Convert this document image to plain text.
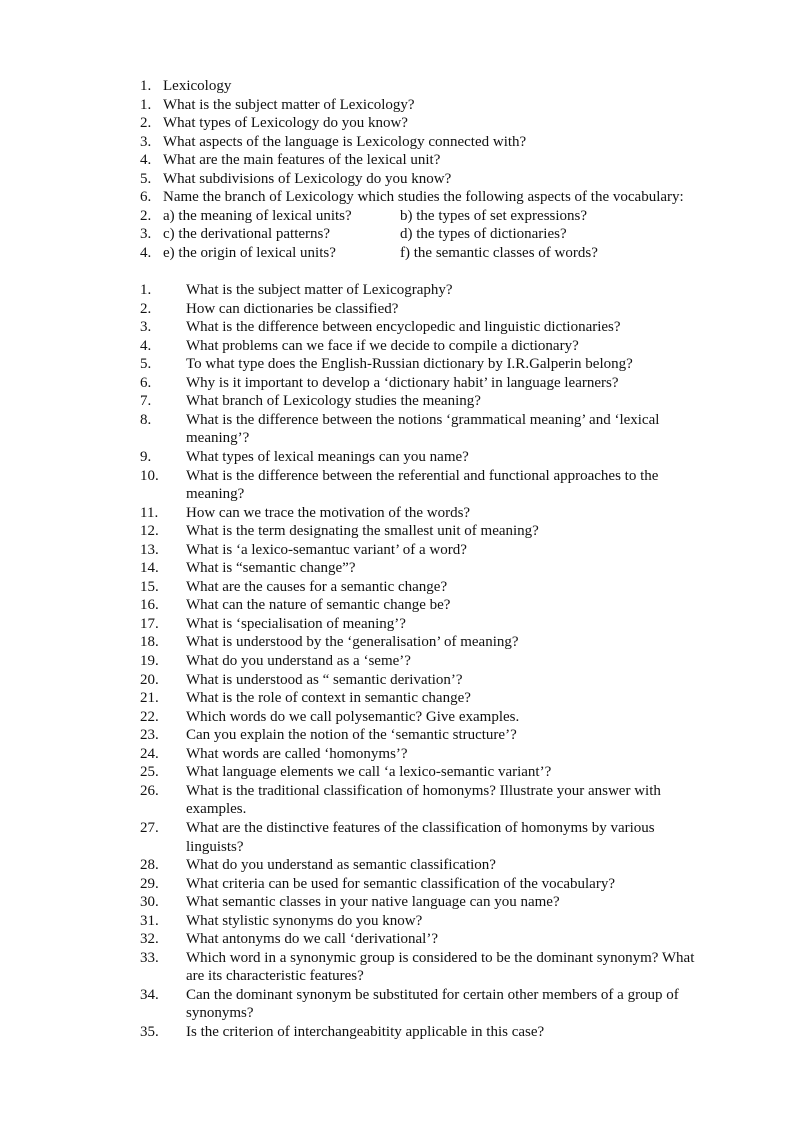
1. Lexicology
1. What is the subject matter of Lexicology?
2. What types of Lexicology do you know?
3. What aspects of the language is Lexicology connected with?
4. What are the main features of the lexical unit?
5. What subdivisions of Lexicology do you know?
6. Name the branch of Lexicology which studies the following aspects of the vocabulary:
2. a) the meaning of lexical units?	b) the types of set expressions?
3. c) the derivational patterns?	d) the types of dictionaries?
4. e) the origin of lexical units?	f) the semantic classes of words?
1. What is the subject matter of Lexicography?
2. How can dictionaries be classified?
3. What is the difference between encyclopedic and linguistic dictionaries?
4. What problems can we face if we decide to compile a dictionary?
5. To what type does the English-Russian dictionary by I.R.Galperin belong?
6. Why is it important to develop a ‘dictionary habit’ in language learners?
7. What branch of Lexicology studies the meaning?
8. What is the difference between the notions ‘grammatical meaning’ and ‘lexical
meaning’?
9. What types of lexical meanings can you name?
10. What is the difference between the referential and functional approaches to the
meaning?
11. How can we trace the motivation of the words?
12. What is the term designating the smallest unit of meaning?
13. What is ‘a lexico-semantuc variant’ of a word?
14. What is “semantic change”?
15. What are the causes for a semantic change?
16. What can the nature of semantic change be?
17. What is ‘specialisation of meaning’?
18. What is understood by the ‘generalisation’ of meaning?
19. What do you understand as a ‘seme’?
20. What is understood as “ semantic derivation’?
21. What is the role of context in semantic change?
22. Which words do we call polysemantic? Give examples.
23. Can you explain the notion of the ‘semantic structure’?
24. What words are called ‘homonyms’?
25. What language elements we call ‘a lexico-semantic variant’?
26. What is the traditional classification of homonyms? Illustrate your answer with
examples.
27. What are the distinctive features of the classification of homonyms by various
linguists?
28. What do you understand as semantic classification?
29. What criteria can be used for semantic classification of the vocabulary?
30. What semantic classes in your native language can you name?
31. What stylistic synonyms do you know?
32. What antonyms do we call ‘derivational’?
33. Which word in a synonymic group is considered to be the dominant synonym? What
are its characteristic features?
34. Can the dominant synonym be substituted for certain other members of a group of
synonyms?
35. Is the criterion of interchangeabitity applicable in this case?
